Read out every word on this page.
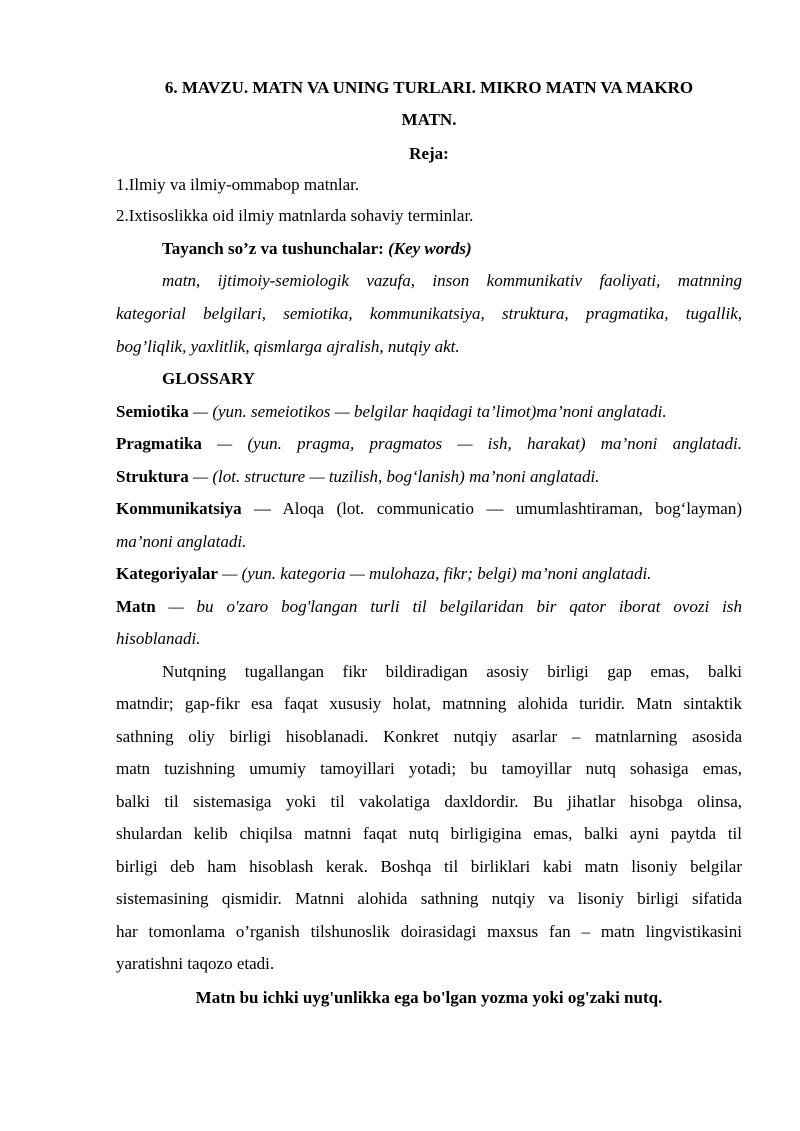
6. MAVZU. MATN VA UNING TURLARI. MIKRO MATN VA MAKRO
MATN.
Reja:
1.Ilmiy va ilmiy-ommabop matnlar.
2.Ixtisoslikka oid ilmiy matnlarda sohaviy terminlar.
Tayanch so’z va tushunchalar: (Key words)
matn, ijtimoiy-semiologik vazufa, inson kommunikativ faoliyati, matnning
kategorial belgilari, semiotika, kommunikatsiya, struktura, pragmatika, tugallik,
bog’liqlik, yaxlitlik, qismlarga ajralish, nutqiy akt.
GLOSSARY
Semiotika — (yun. semeiotikos — belgilar haqidagi ta’limot)ma’noni anglatadi.
Pragmatika — (yun. pragma, pragmatos — ish, harakat) ma’noni anglatadi.
Struktura — (lot. structure — tuzilish, bog‘lanish) ma’noni anglatadi.
Kommunikatsiya — Aloqa (lot. communicatio — umumlashtiraman, bog‘layman)
ma’noni anglatadi.
Kategoriyalar — (yun. kategoria — mulohaza, fikr; belgi) ma’noni anglatadi.
Matn — bu o'zaro bog'langan turli til belgilaridan bir qator iborat ovozi ish
hisoblanadi.
Nutqning tugallangan fikr bildiradigan asosiy birligi gap emas, balki
matndir; gap-fikr esa faqat xususiy holat, matnning alohida turidir. Matn sintaktik
sathning oliy birligi hisoblanadi. Konkret nutqiy asarlar – matnlarning asosida
matn tuzishning umumiy tamoyillari yotadi; bu tamoyillar nutq sohasiga emas,
balki til sistemasiga yoki til vakolatiga daxldordir. Bu jihatlar hisobga olinsa,
shulardan kelib chiqilsa matnni faqat nutq birligigina emas, balki ayni paytda til
birligi deb ham hisoblash kerak. Boshqa til birliklari kabi matn lisoniy belgilar
sistemasining qismidir. Matnni alohida sathning nutqiy va lisoniy birligi sifatida
har tomonlama o’rganish tilshunoslik doirasidagi maxsus fan – matn lingvistikasini
yaratishni taqozo etadi.
Matn bu ichki uyg'unlikka ega bo'lgan yozma yoki og'zaki nutq.
